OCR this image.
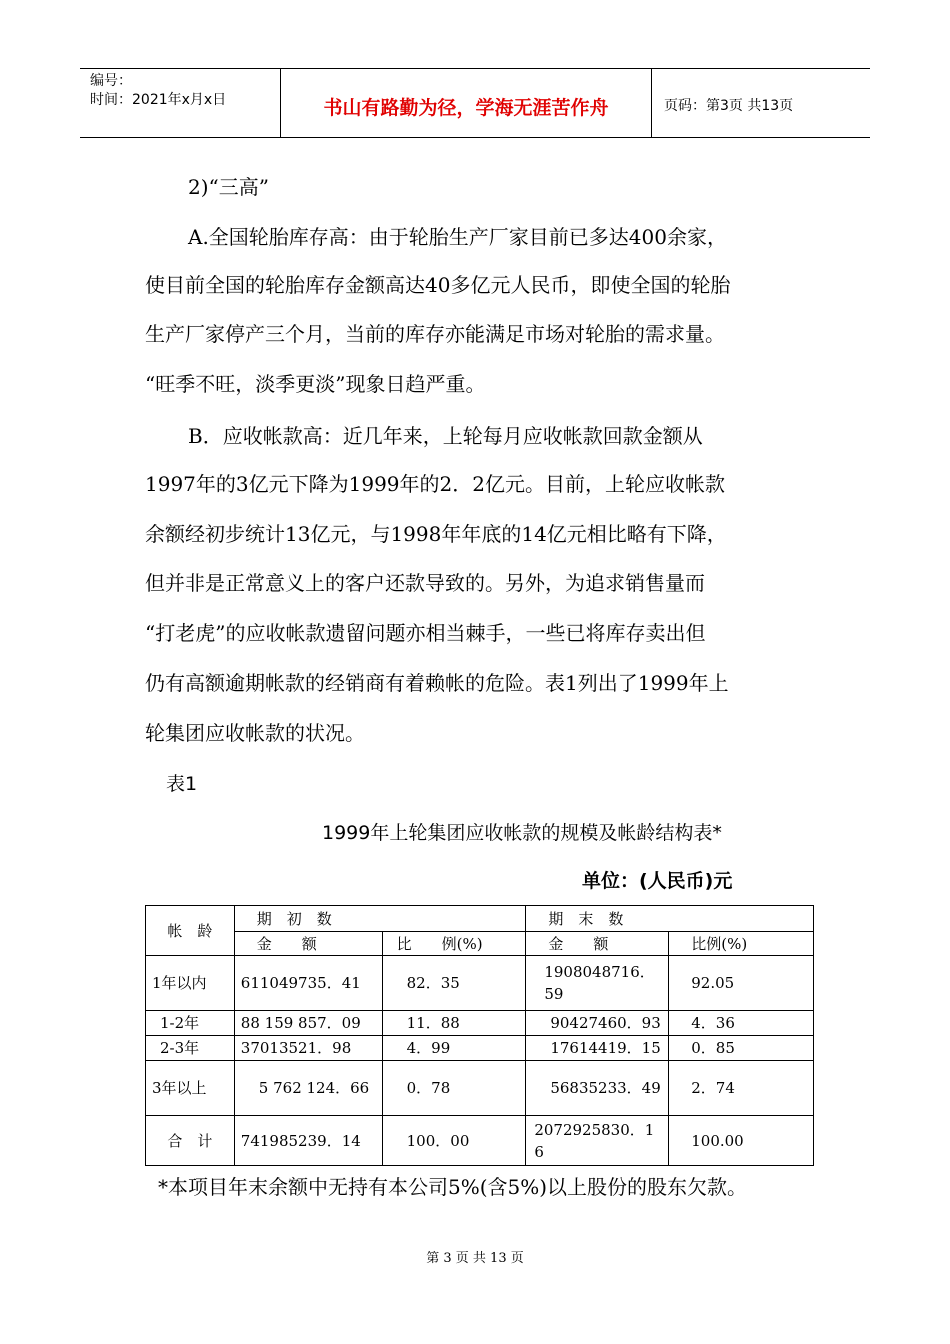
编号：
时间：2021年x月x日	书山有路勤为径，学海无涯苦作舟	页码：第3页 共13页
2)“三高”
A.全国轮胎库存高：由于轮胎生产厂家目前已多达400余家，
使目前全国的轮胎库存金额高达40多亿元人民币，即使全国的轮胎
生产厂家停产三个月，当前的库存亦能满足市场对轮胎的需求量。
“旺季不旺，淡季更淡”现象日趋严重。
B．应收帐款高：近几年来，上轮每月应收帐款回款金额从
1997年的3亿元下降为1999年的2．2亿元。目前，上轮应收帐款
余额经初步统计13亿元，与1998年年底的14亿元相比略有下降，
但并非是正常意义上的客户还款导致的。另外，为追求销售量而
“打老虎”的应收帐款遗留问题亦相当棘手，一些已将库存卖出但
仍有高额逾期帐款的经销商有着赖帐的危险。表1列出了1999年上
轮集团应收帐款的状况。
表1
1999年上轮集团应收帐款的规模及帐龄结构表*
单位：(人民币)元
帐　龄	期　初　数		期　末　数	
	金　　额	比　　例(%)	金　　额	比例(%)
1年以内	611049735．41	82．35	1908048716．59	92.05
1-2年	88 159 857．09	11．88	90427460．93	4．36
2-3年	37013521．98	4．99	17614419．15	0．85
3年以上	5 762 124．66	0．78	56835233．49	2．74
合　计	741985239．14	100．00	2072925830．16	100.00
*本项目年末余额中无持有本公司5%(含5%)以上股份的股东欠款。
第 3 页 共 13 页
